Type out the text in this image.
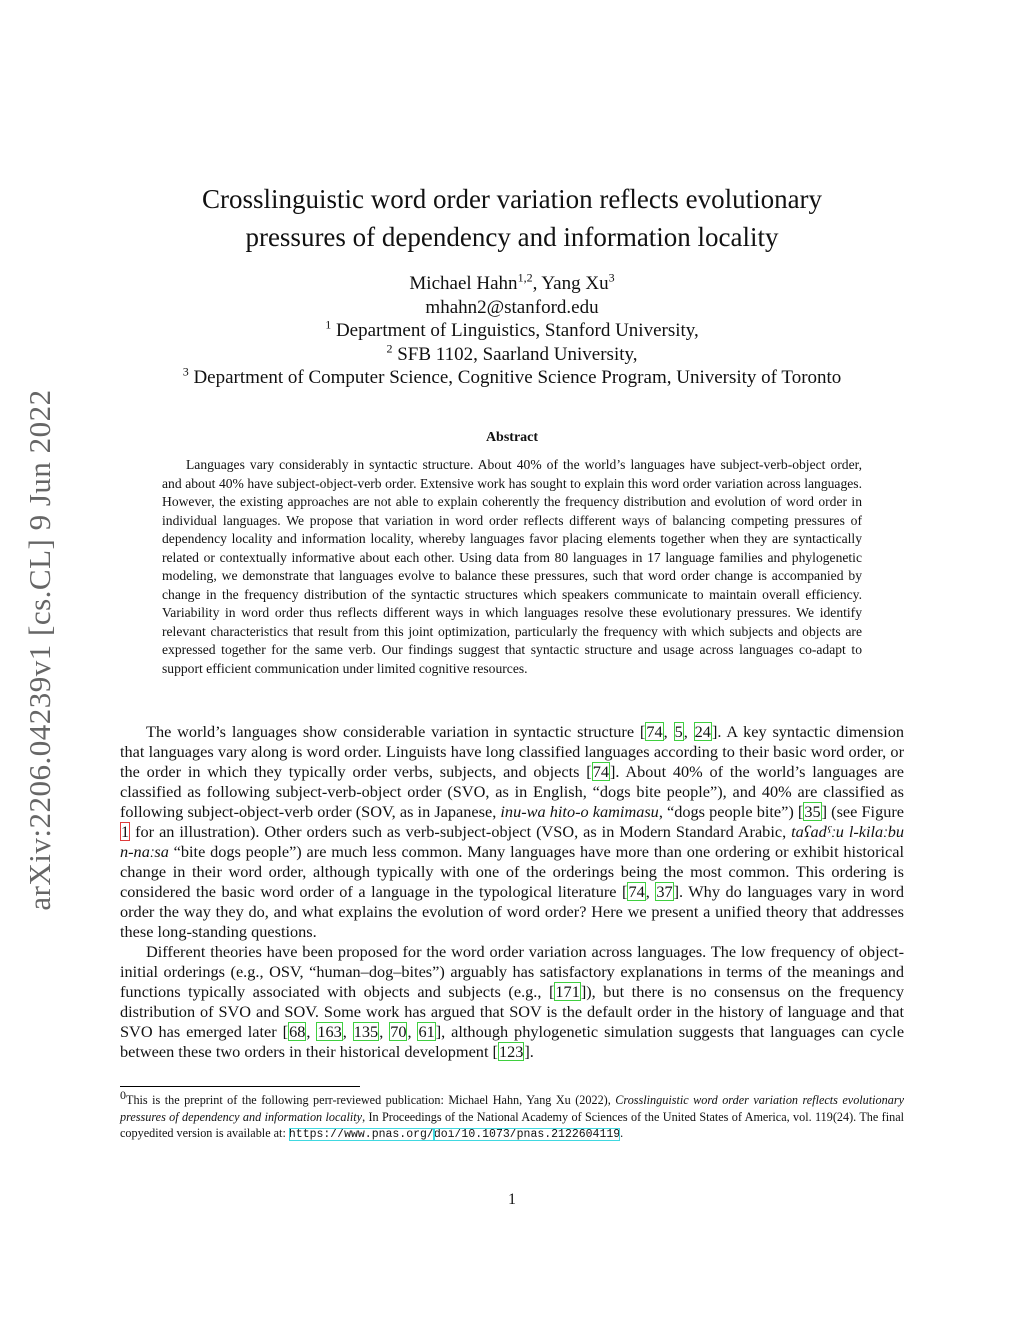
arXiv:2206.04239v1 [cs.CL] 9 Jun 2022
Crosslinguistic word order variation reflects evolutionary
pressures of dependency and information locality
Michael Hahn$^{1,2}$, Yang Xu$^3$
mhahn2@stanford.edu
$^1$ Department of Linguistics, Stanford University,
$^2$ SFB 1102, Saarland University,
$^3$ Department of Computer Science, Cognitive Science Program, University of Toronto
Abstract
Languages vary considerably in syntactic structure. About 40% of the world’s languages have subject-verb-object order, and about 40% have subject-object-verb order. Extensive work has sought to explain this word order variation across languages. However, the existing approaches are not able to explain coherently the frequency distribution and evolution of word order in individual languages. We propose that variation in word order reflects different ways of balancing competing pressures of dependency locality and information locality, whereby languages favor placing elements together when they are syntactically related or contextually informative about each other. Using data from 80 languages in 17 language families and phylogenetic modeling, we demonstrate that languages evolve to balance these pressures, such that word order change is accompanied by change in the frequency distribution of the syntactic structures which speakers communicate to maintain overall efficiency. Variability in word order thus reflects different ways in which languages resolve these evolutionary pressures. We identify relevant characteristics that result from this joint optimization, particularly the frequency with which subjects and objects are expressed together for the same verb. Our findings suggest that syntactic structure and usage across languages co-adapt to support efficient communication under limited cognitive resources.

The world’s languages show considerable variation in syntactic structure [74, 5, 24]. A key syntactic dimension that languages vary along is word order. Linguists have long classified languages according to their basic word order, or the order in which they typically order verbs, subjects, and objects [74]. About 40% of the world’s languages are classified as following subject-verb-object order (SVO, as in English, “dogs bite people”), and 40% are classified as following subject-object-verb order (SOV, as in Japanese, inu-wa hito-o kamimasu, “dogs people bite”) [35] (see Figure 1 for an illustration). Other orders such as verb-subject-object (VSO, as in Modern Standard Arabic, taʕadˤːu l-kilaːbu n-naːsa “bite dogs people”) are much less common. Many languages have more than one ordering or exhibit historical change in their word order, although typically with one of the orderings being the most common. This ordering is considered the basic word order of a language in the typological literature [74, 37]. Why do languages vary in word order the way they do, and what explains the evolution of word order? Here we present a unified theory that addresses these long-standing questions.

Different theories have been proposed for the word order variation across languages. The low frequency of object-initial orderings (e.g., OSV, “human–dog–bites”) arguably has satisfactory explanations in terms of the meanings and functions typically associated with objects and subjects (e.g., [171]), but there is no consensus on the frequency distribution of SVO and SOV. Some work has argued that SOV is the default order in the history of language and that SVO has emerged later [68, 163, 135, 70, 61], although phylogenetic simulation suggests that languages can cycle between these two orders in their historical development [123].

$^0$This is the preprint of the following perr-reviewed publication: Michael Hahn, Yang Xu (2022), Crosslinguistic word order variation reflects evolutionary pressures of dependency and information locality, In Proceedings of the National Academy of Sciences of the United States of America, vol. 119(24). The final copyedited version is available at: https://www.pnas.org/doi/10.1073/pnas.2122604119.
1
